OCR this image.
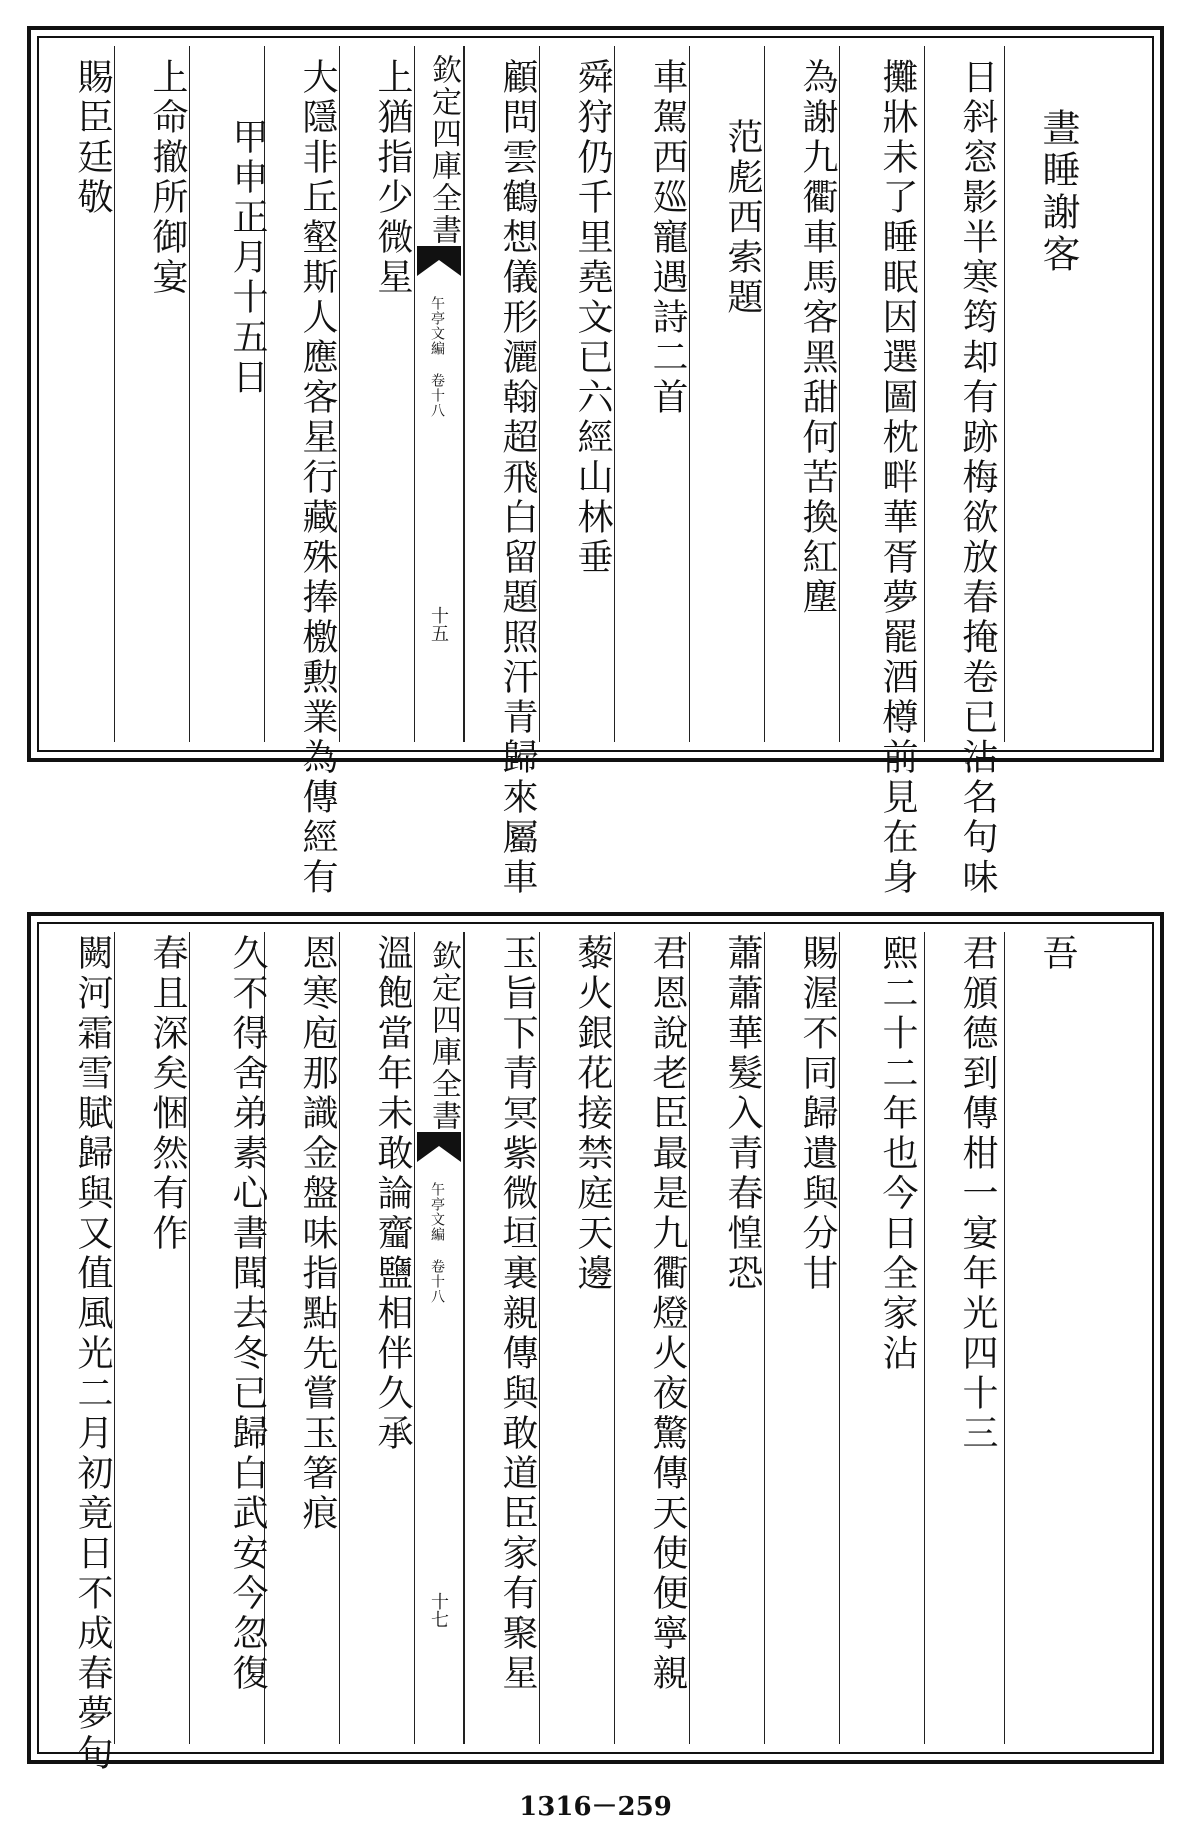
晝睡謝客
日斜窓影半寒筠却有跡梅欲放春掩卷已沾名句味
攤牀未了睡眠因選圖枕畔華胥夢罷酒樽前見在身
為謝九衢車馬客黑甜何苦換紅塵
范彪西索題
車駕西廵寵遇詩二首
舜狩仍千里堯文已六經山林垂
顧問雲鶴想儀形灑翰超飛白留題照汗青歸來屬車
欽定四庫全書
午亭文編 卷十八
十五
上猶指少微星
大隱非丘壑斯人應客星行藏殊捧檄勲業為傳經有
甲申正月十五日
上命撤所御宴
賜臣廷敬
吾
君頒德到傳柑一宴年光四十三
熙二十二年也今日全家沾
賜渥不同歸遺與分甘
蕭蕭華髮入青春惶恐
君恩說老臣最是九衢燈火夜驚傳天使便寧親
藜火銀花接禁庭天邊
玉旨下青冥紫微垣裏親傳與敢道臣家有聚星
欽定四庫全書
午亭文編 卷十八
十七
溫飽當年未敢論齏鹽相伴久承
恩寒庖那識金盤味指點先嘗玉箸痕
久不得舍弟素心書聞去冬已歸白武安今忽復
春且深矣悃然有作
闕河霜雪賦歸與又值風光二月初竟日不成春夢句
1316－259
